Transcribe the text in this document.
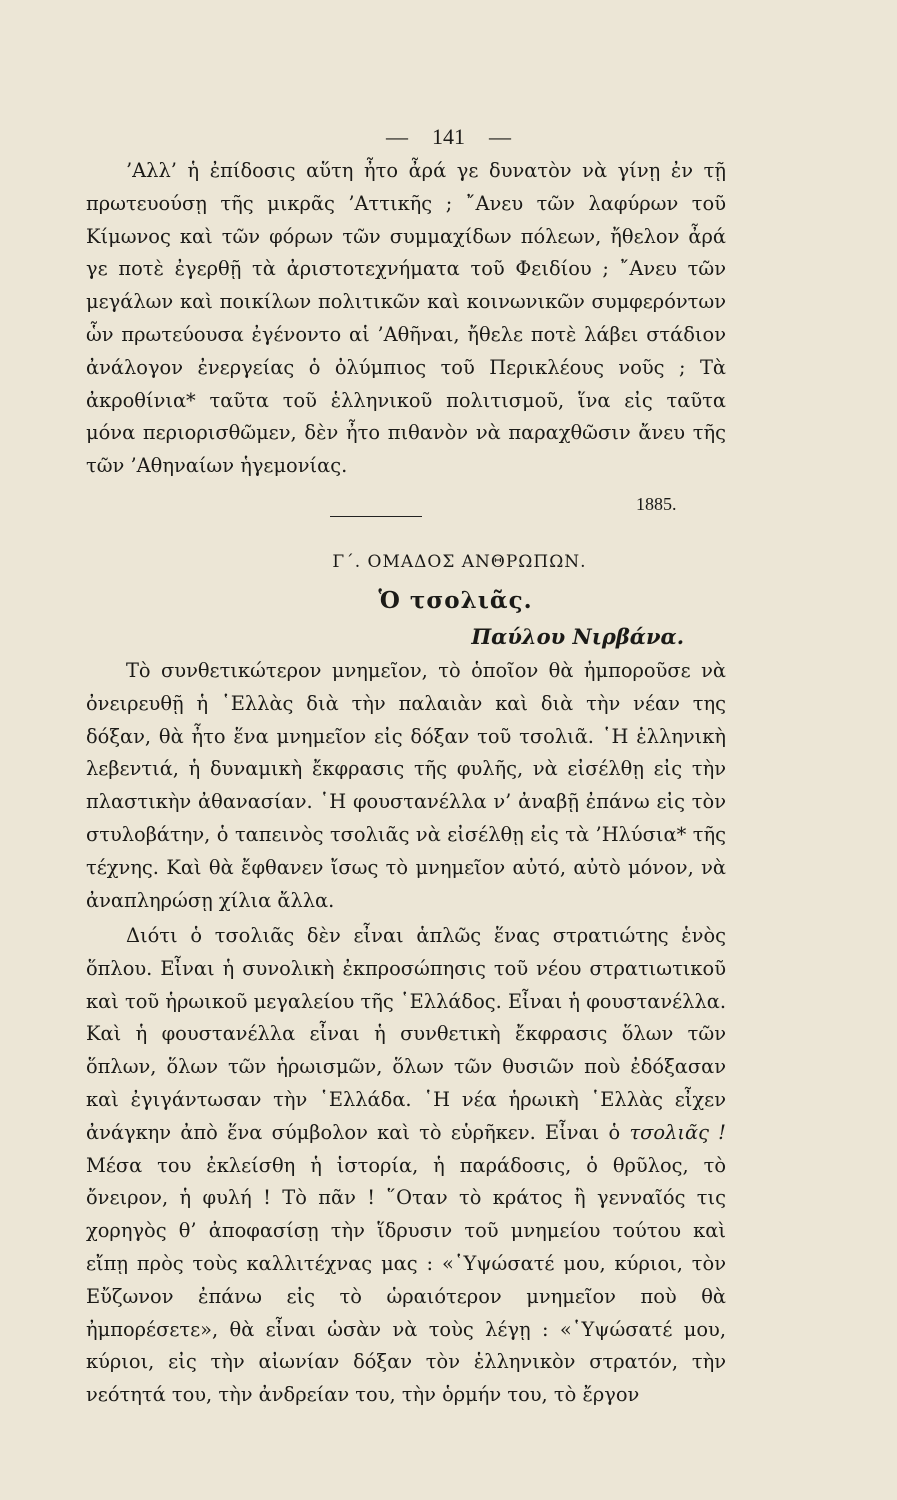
— 141 —
’Αλλ’ ἡ ἐπίδοσις αὕτη ἦτο ἆρά γε δυνατὸν νὰ γίνῃ ἐν τῇ πρωτευούσῃ τῆς μικρᾶς ’Αττικῆς ; ῎Ανευ τῶν λαφύρων τοῦ Κίμωνος καὶ τῶν φόρων τῶν συμμαχίδων πόλεων, ἤθελον ἆρά γε ποτὲ ἐγερθῇ τὰ ἀριστοτεχνήματα τοῦ Φειδίου ; ῎Ανευ τῶν μεγάλων καὶ ποικίλων πολιτικῶν καὶ κοινωνικῶν συμφερόντων ὧν πρωτεύουσα ἐγένοντο αἱ ’Αθῆναι, ἤθελε ποτὲ λάβει στάδιον ἀνάλογον ἐνεργείας ὁ ὀλύμπιος τοῦ Περικλέους νοῦς ; Τὰ ἀκροθίνια* ταῦτα τοῦ ἑλληνικοῦ πολιτισμοῦ, ἵνα εἰς ταῦτα μόνα περιορισθῶμεν, δὲν ἦτο πιθανὸν νὰ παραχθῶσιν ἄνευ τῆς τῶν ’Αθηναίων ἡγεμονίας.
1885.
Γ΄. ΟΜΑΔΟΣ ΑΝΘΡΩΠΩΝ.
Ὁ τσολιᾶς.
Παύλου Νιρβάνα.
Τὸ συνθετικώτερον μνημεῖον, τὸ ὁποῖον θὰ ἠμποροῦσε νὰ ὀνειρευθῇ ἡ ῾Ελλὰς διὰ τὴν παλαιὰν καὶ διὰ τὴν νέαν της δόξαν, θὰ ἦτο ἕνα μνημεῖον εἰς δόξαν τοῦ τσολιᾶ. ῾Η ἑλληνικὴ λεβεντιά, ἡ δυναμικὴ ἔκφρασις τῆς φυλῆς, νὰ εἰσέλθῃ εἰς τὴν πλαστικὴν ἀθανασίαν. ῾Η φουστανέλλα ν’ ἀναβῇ ἐπάνω εἰς τὸν στυλοβάτην, ὁ ταπεινὸς τσολιᾶς νὰ εἰσέλθῃ εἰς τὰ ’Ηλύσια* τῆς τέχνης. Καὶ θὰ ἔφθανεν ἴσως τὸ μνημεῖον αὐτό, αὐτὸ μόνον, νὰ ἀναπληρώσῃ χίλια ἄλλα.
Διότι ὁ τσολιᾶς δὲν εἶναι ἁπλῶς ἕνας στρατιώτης ἑνὸς ὅπλου. Εἶναι ἡ συνολικὴ ἐκπροσώπησις τοῦ νέου στρατιωτικοῦ καὶ τοῦ ἡρωικοῦ μεγαλείου τῆς ῾Ελλάδος. Εἶναι ἡ φουστανέλλα. Καὶ ἡ φουστανέλλα εἶναι ἡ συνθετικὴ ἔκφρασις ὅλων τῶν ὅπλων, ὅλων τῶν ἡρωισμῶν, ὅλων τῶν θυσιῶν ποὺ ἐδόξασαν καὶ ἐγιγάντωσαν τὴν ῾Ελλάδα. ῾Η νέα ἡρωικὴ ῾Ελλὰς εἶχεν ἀνάγκην ἀπὸ ἕνα σύμβολον καὶ τὸ εὑρῆκεν. Εἶναι ὁ τσολιᾶς ! Μέσα του ἐκλείσθη ἡ ἱστορία, ἡ παράδοσις, ὁ θρῦλος, τὸ ὄνειρον, ἡ φυλή ! Τὸ πᾶν ! ῞Οταν τὸ κράτος ἢ γενναῖός τις χορηγὸς θ’ ἀποφασίσῃ τὴν ἵδρυσιν τοῦ μνημείου τούτου καὶ εἴπῃ πρὸς τοὺς καλλιτέχνας μας : «῾Υψώσατέ μου, κύριοι, τὸν Εὔζωνον ἐπάνω εἰς τὸ ὡραιότερον μνημεῖον ποὺ θὰ ἠμπορέσετε», θὰ εἶναι ὡσὰν νὰ τοὺς λέγῃ : «῾Υψώσατέ μου, κύριοι, εἰς τὴν αἰωνίαν δόξαν τὸν ἑλληνικὸν στρατόν, τὴν νεότητά του, τὴν ἀνδρείαν του, τὴν ὁρμήν του, τὸ ἔργον
